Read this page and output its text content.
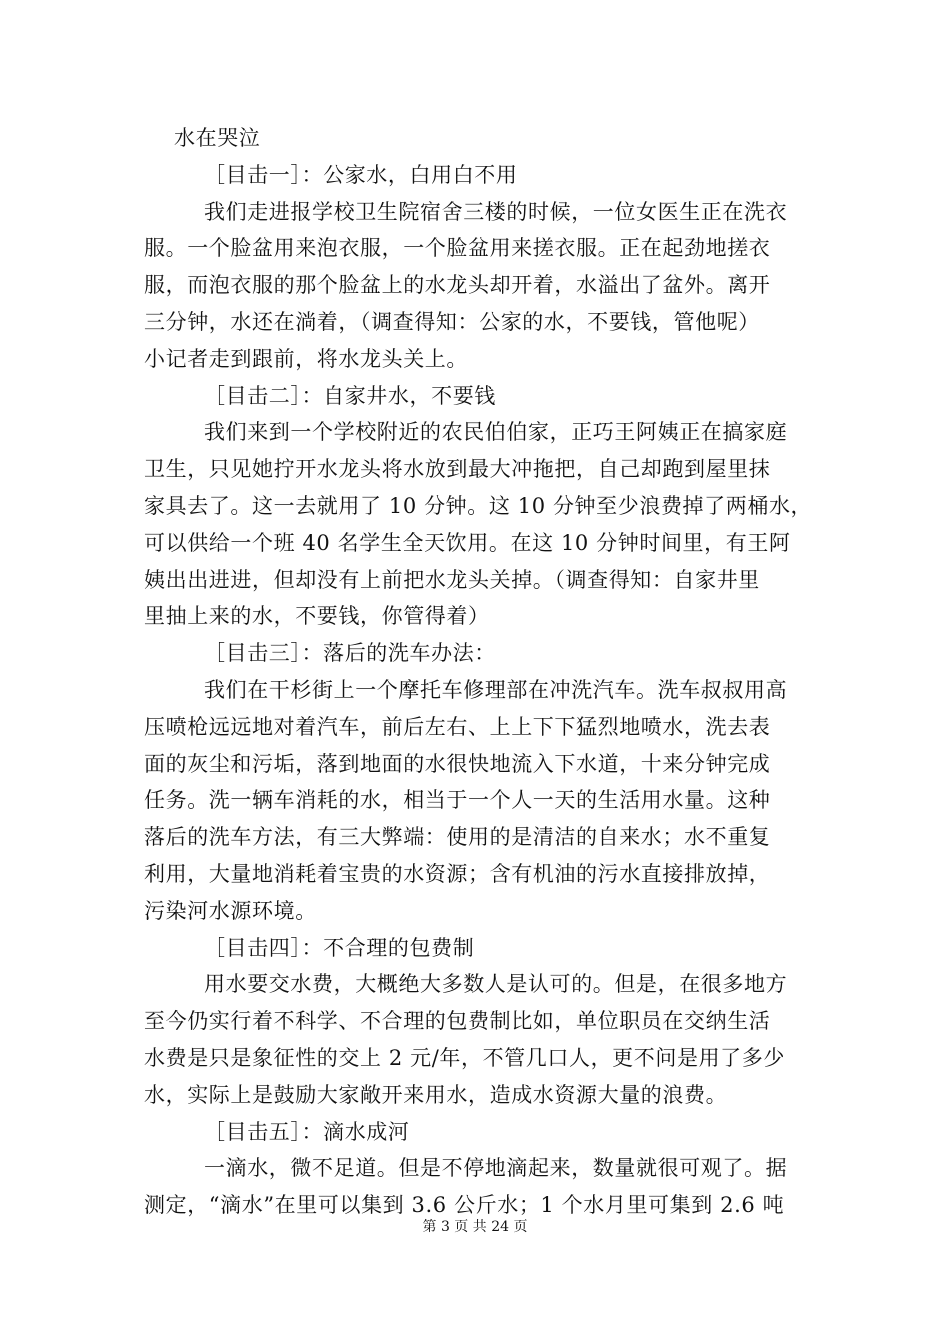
水在哭泣
［目击一］：公家水，白用白不用
我们走进报学校卫生院宿舍三楼的时候，一位女医生正在洗衣
服。一个脸盆用来泡衣服，一个脸盆用来搓衣服。正在起劲地搓衣
服，而泡衣服的那个脸盆上的水龙头却开着，水溢出了盆外。离开
三分钟，水还在淌着，（调查得知：公家的水，不要钱，管他呢）
小记者走到跟前，将水龙头关上。
［目击二］：自家井水，不要钱
我们来到一个学校附近的农民伯伯家，正巧王阿姨正在搞家庭
卫生，只见她拧开水龙头将水放到最大冲拖把，自己却跑到屋里抹
家具去了。这一去就用了 10 分钟。这 10 分钟至少浪费掉了两桶水，
可以供给一个班 40 名学生全天饮用。在这 10 分钟时间里，有王阿
姨出出进进，但却没有上前把水龙头关掉。（调查得知：自家井里
里抽上来的水，不要钱，你管得着）
［目击三］：落后的洗车办法：
我们在干杉街上一个摩托车修理部在冲洗汽车。洗车叔叔用高
压喷枪远远地对着汽车，前后左右、上上下下猛烈地喷水，洗去表
面的灰尘和污垢，落到地面的水很快地流入下水道，十来分钟完成
任务。洗一辆车消耗的水，相当于一个人一天的生活用水量。这种
落后的洗车方法，有三大弊端：使用的是清洁的自来水；水不重复
利用，大量地消耗着宝贵的水资源；含有机油的污水直接排放掉，
污染河水源环境。
［目击四］：不合理的包费制
用水要交水费，大概绝大多数人是认可的。但是，在很多地方
至今仍实行着不科学、不合理的包费制比如，单位职员在交纳生活
水费是只是象征性的交上 2 元/年，不管几口人，更不问是用了多少
水，实际上是鼓励大家敞开来用水，造成水资源大量的浪费。
［目击五］：滴水成河
一滴水，微不足道。但是不停地滴起来，数量就很可观了。据
测定，“滴水”在里可以集到 3.6 公斤水；1 个水月里可集到 2.6 吨
第 3 页 共 24 页
